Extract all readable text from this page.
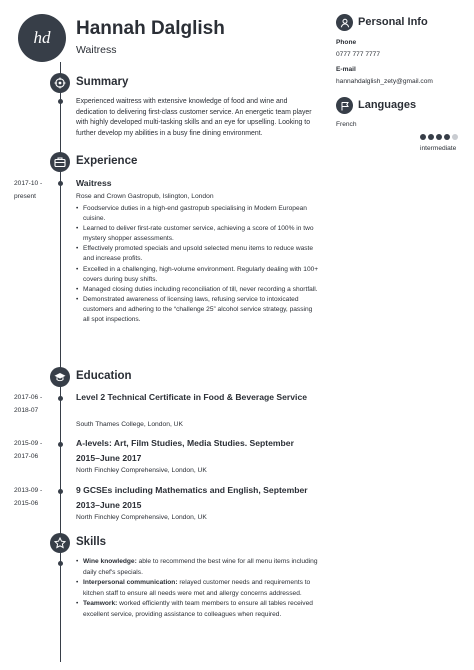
hd Hannah Dalglish
Waitress
Summary
Experienced waitress with extensive knowledge of food and wine and dedication to delivering first-class customer service. An energetic team player with highly developed multi-tasking skills and an eye for upselling. Looking to further develop my abilities in a busy fine dining environment.
Experience
2017-10 -
present
Waitress
Rose and Crown Gastropub, Islington, London
• Foodservice duties in a high-end gastropub specialising in Modern European cuisine.
• Learned to deliver first-rate customer service, achieving a score of 100% in two mystery shopper assessments.
• Effectively promoted specials and upsold selected menu items to reduce waste and increase profits.
• Excelled in a challenging, high-volume environment. Regularly dealing with 100+ covers during busy shifts.
• Managed closing duties including reconciliation of till, never recording a shortfall.
• Demonstrated awareness of licensing laws, refusing service to intoxicated customers and adhering to the “challenge 25” alcohol service strategy, passing all spot inspections.
Education
2017-06 -
2018-07
Level 2 Technical Certificate in Food & Beverage Service
South Thames College, London, UK
2015-09 -
2017-06
A-levels: Art, Film Studies, Media Studies. September 2015–June 2017
North Finchley Comprehensive, London, UK
2013-09 -
2015-06
9 GCSEs including Mathematics and English, September 2013–June 2015
North Finchley Comprehensive, London, UK
Skills
• Wine knowledge: able to recommend the best wine for all menu items including daily chef's specials.
• Interpersonal communication: relayed customer needs and requirements to kitchen staff to ensure all needs were met and allergy concerns addressed.
• Teamwork: worked efficiently with team members to ensure all tables received excellent service, providing assistance to colleagues when required.
Personal Info
Phone
0777 777 7777
E-mail
hannahdalglish_zety@gmail.com
Languages
French
intermediate
